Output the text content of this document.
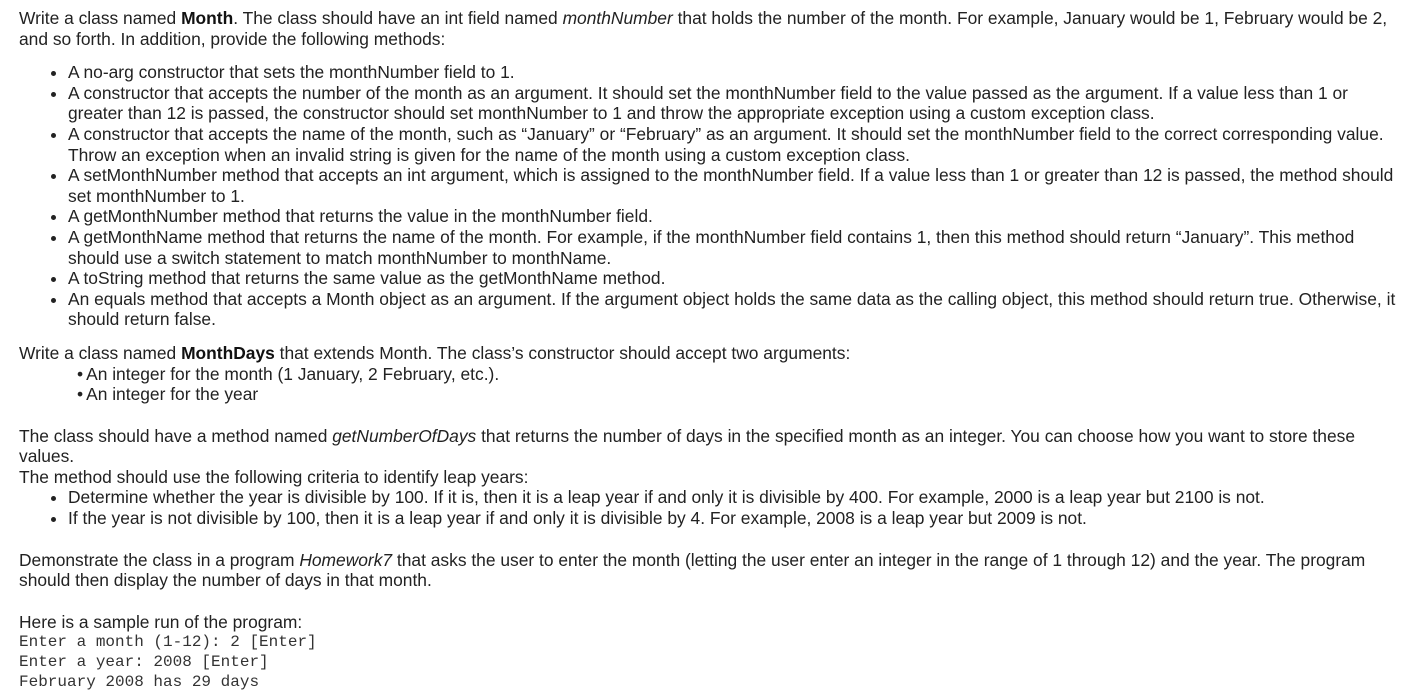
Write a class named Month. The class should have an int field named monthNumber that holds the number of the month. For example, January would be 1, February would be 2, and so forth. In addition, provide the following methods:

• A no-arg constructor that sets the monthNumber field to 1.
• A constructor that accepts the number of the month as an argument. It should set the monthNumber field to the value passed as the argument. If a value less than 1 or greater than 12 is passed, the constructor should set monthNumber to 1 and throw the appropriate exception using a custom exception class.
• A constructor that accepts the name of the month, such as “January” or “February” as an argument. It should set the monthNumber field to the correct corresponding value. Throw an exception when an invalid string is given for the name of the month using a custom exception class.
• A setMonthNumber method that accepts an int argument, which is assigned to the monthNumber field. If a value less than 1 or greater than 12 is passed, the method should set monthNumber to 1.
• A getMonthNumber method that returns the value in the monthNumber field.
• A getMonthName method that returns the name of the month. For example, if the monthNumber field contains 1, then this method should return “January”. This method should use a switch statement to match monthNumber to monthName.
• A toString method that returns the same value as the getMonthName method.
• An equals method that accepts a Month object as an argument. If the argument object holds the same data as the calling object, this method should return true. Otherwise, it should return false.

Write a class named MonthDays that extends Month. The class’s constructor should accept two arguments:

• An integer for the month (1 January, 2 February, etc.).
• An integer for the year

The class should have a method named getNumberOfDays that returns the number of days in the specified month as an integer. You can choose how you want to store these values.

The method should use the following criteria to identify leap years:

• Determine whether the year is divisible by 100. If it is, then it is a leap year if and only it is divisible by 400. For example, 2000 is a leap year but 2100 is not.
• If the year is not divisible by 100, then it is a leap year if and only it is divisible by 4. For example, 2008 is a leap year but 2009 is not.

Demonstrate the class in a program Homework7 that asks the user to enter the month (letting the user enter an integer in the range of 1 through 12) and the year. The program should then display the number of days in that month.

Here is a sample run of the program:

Enter a month (1-12): 2 [Enter]

Enter a year: 2008 [Enter]

February 2008 has 29 days
